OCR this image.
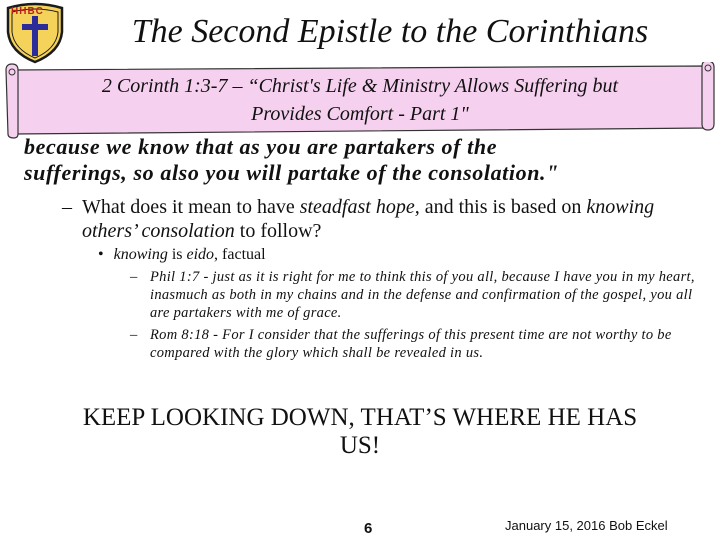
HHBC
The Second Epistle to the Corinthians
2 Corinth 1:3-7 – “Christ's Life & Ministry Allows Suffering but
Provides Comfort - Part 1"
because we know that as you are partakers of the
sufferings, so also you will partake of the consolation."
– What does it mean to have steadfast hope, and this is based on knowing others’ consolation to follow?
• knowing is eido, factual
– Phil 1:7 - just as it is right for me to think this of you all, because I have you in my heart, inasmuch as both in my chains and in the defense and confirmation of the gospel, you all are partakers with me of grace.
– Rom 8:18 - For I consider that the sufferings of this present time are not worthy to be compared with the glory which shall be revealed in us.
KEEP LOOKING DOWN, THAT’S WHERE HE HAS
US!
6	January 15, 2016 Bob Eckel
